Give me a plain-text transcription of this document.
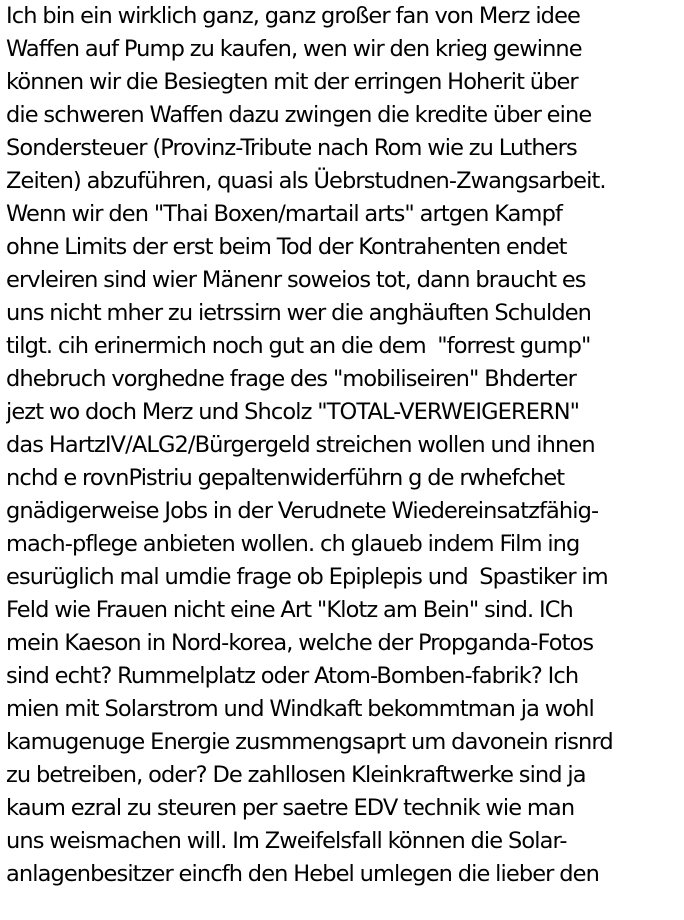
Ich bin ein wirklich ganz, ganz großer fan von Merz idee
Waffen auf Pump zu kaufen, wen wir den krieg gewinne
können wir die Besiegten mit der erringen Hoherit über
die schweren Waffen dazu zwingen die kredite über eine
Sondersteuer (Provinz-Tribute nach Rom wie zu Luthers
Zeiten) abzuführen, quasi als Üebrstudnen-Zwangsarbeit.
Wenn wir den "Thai Boxen/martail arts" artgen Kampf
ohne Limits der erst beim Tod der Kontrahenten endet
ervleiren sind wier Mänenr soweios tot, dann braucht es
uns nicht mher zu ietrssirn wer die anghäuften Schulden
tilgt. cih erinermich noch gut an die dem  "forrest gump"
dhebruch vorghedne frage des "mobiliseiren" Bhderter
jezt wo doch Merz und Shcolz "TOTAL-VERWEIGERERN"
das HartzIV/ALG2/Bürgergeld streichen wollen und ihnen
nchd e rovnPistriu gepaltenwiderführn g de rwhefchet
gnädigerweise Jobs in der Verudnete Wiedereinsatzfähig-
mach-pflege anbieten wollen. ch glaueb indem Film ing
esurüglich mal umdie frage ob Epiplepis und  Spastiker im
Feld wie Frauen nicht eine Art "Klotz am Bein" sind. ICh
mein Kaeson in Nord-korea, welche der Propganda-Fotos
sind echt? Rummelplatz oder Atom-Bomben-fabrik? Ich
mien mit Solarstrom und Windkaft bekommtman ja wohl
kamugenuge Energie zusmmengsaprt um davonein risnrd
zu betreiben, oder? De zahllosen Kleinkraftwerke sind ja
kaum ezral zu steuren per saetre EDV technik wie man
uns weismachen will. Im Zweifelsfall können die Solar-
anlagenbesitzer eincfh den Hebel umlegen die lieber den
